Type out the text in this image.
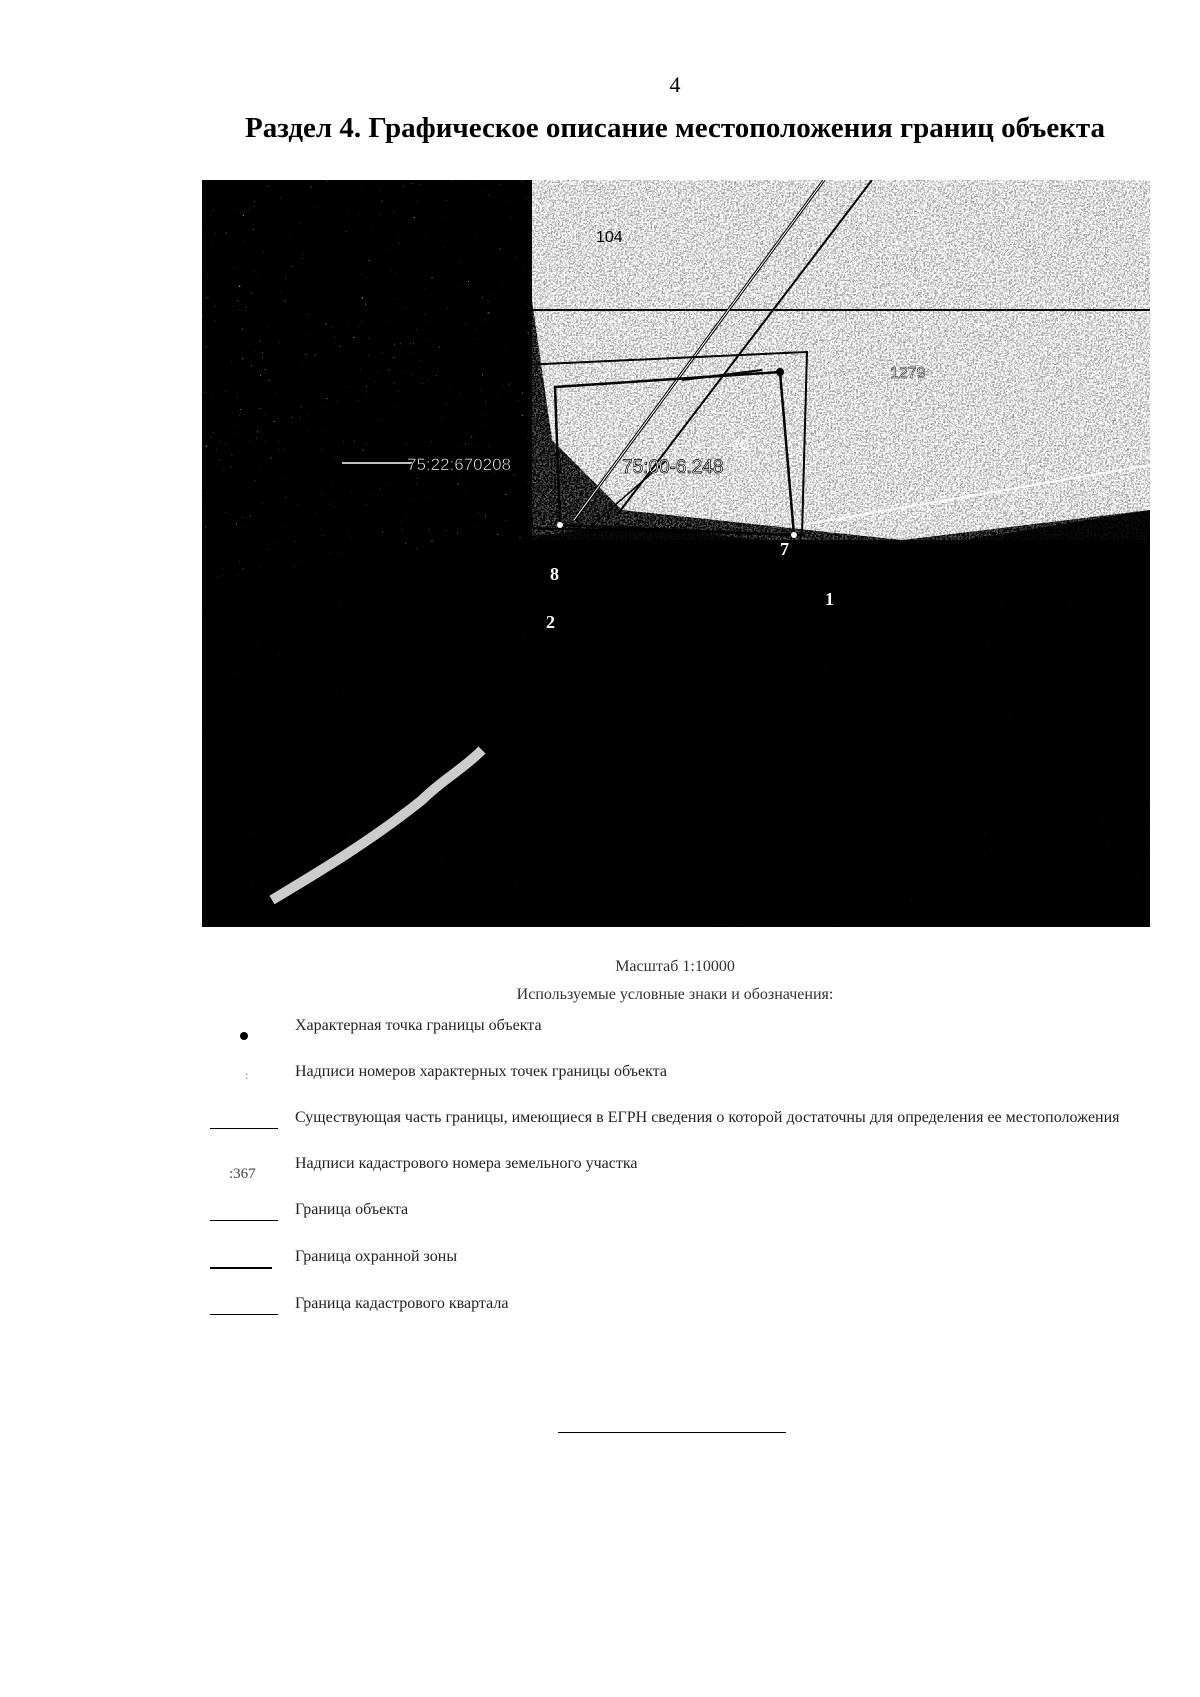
4
Раздел 4. Графическое описание местоположения границ объекта
75:22:670208	75:00-6.248
104
1279
20
1
2
7
8
Масштаб 1:10000
Используемые условные знаки и обозначения:
Характерная точка границы объекта
:	Надписи номеров характерных точек границы объекта
Существующая часть границы, имеющиеся в ЕГРН сведения о которой достаточны для определения ее местоположения
:367
Надписи кадастрового номера земельного участка
Граница объекта
Граница охранной зоны
Граница кадастрового квартала
